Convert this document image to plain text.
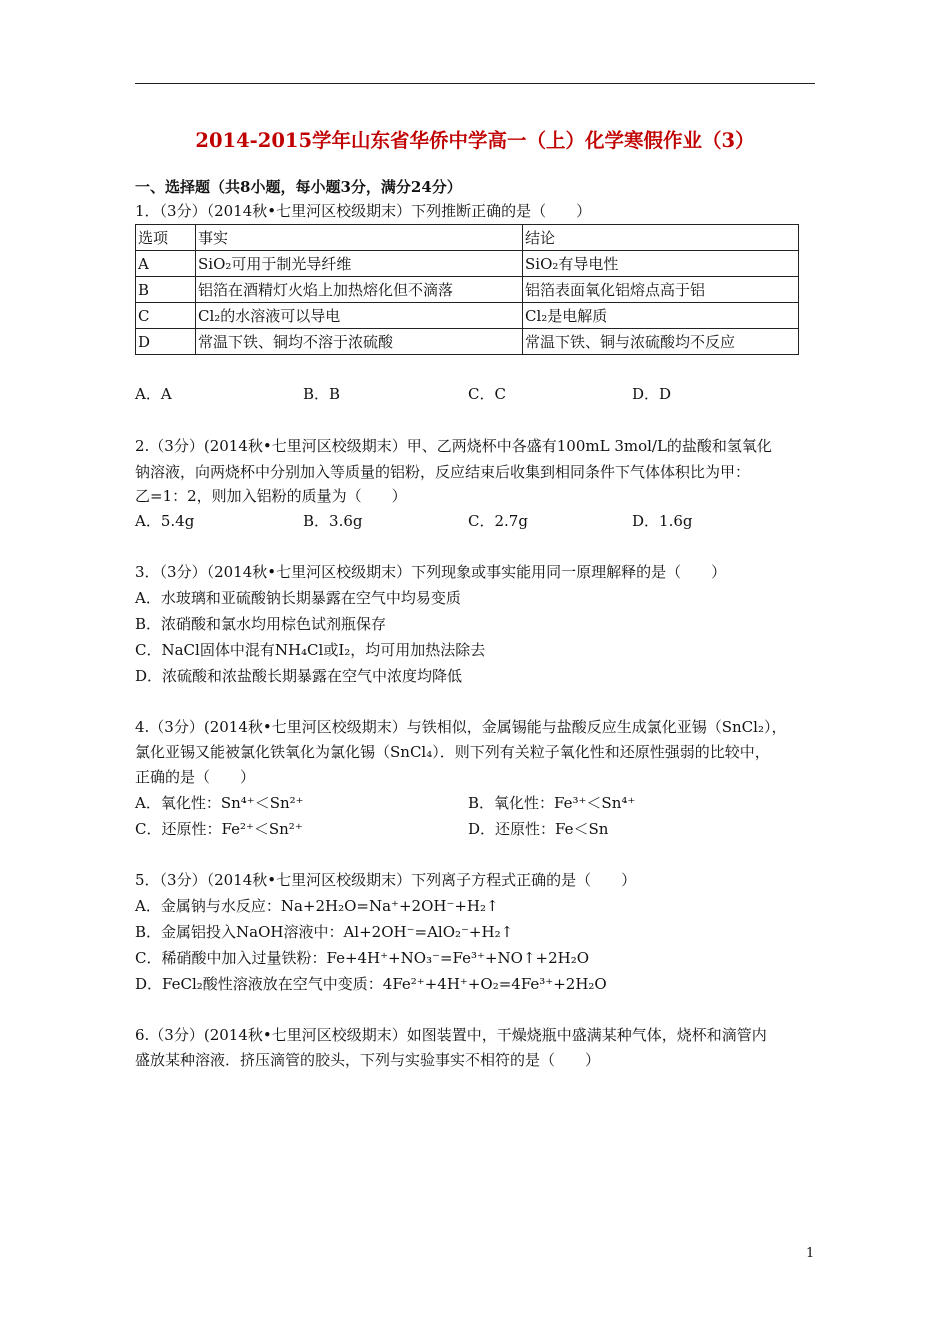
2014-2015学年山东省华侨中学高一（上）化学寒假作业（3）
一、选择题（共8小题，每小题3分，满分24分）
1．（3分）（2014秋•七里河区校级期末）下列推断正确的是（　　）
选项	事实	结论
A	SiO₂可用于制光导纤维	SiO₂有导电性
B	铝箔在酒精灯火焰上加热熔化但不滴落	铝箔表面氧化铝熔点高于铝
C	Cl₂的水溶液可以导电	Cl₂是电解质
D	常温下铁、铜均不溶于浓硫酸	常温下铁、铜与浓硫酸均不反应
A．A	B．B	C．C	D．D
2.（3分）(2014秋•七里河区校级期末）甲、乙两烧杯中各盛有100mL 3mol/L的盐酸和氢氧化
钠溶液，向两烧杯中分别加入等质量的铝粉，反应结束后收集到相同条件下气体体积比为甲：
乙=1：2，则加入铝粉的质量为（　　）
A．5.4g	B．3.6g	C．2.7g	D．1.6g
3．（3分）（2014秋•七里河区校级期末）下列现象或事实能用同一原理解释的是（　　）
A．水玻璃和亚硫酸钠长期暴露在空气中均易变质
B．浓硝酸和氯水均用棕色试剂瓶保存
C．NaCl固体中混有NH₄Cl或I₂，均可用加热法除去
D．浓硫酸和浓盐酸长期暴露在空气中浓度均降低
4.（3分）(2014秋•七里河区校级期末）与铁相似，金属锡能与盐酸反应生成氯化亚锡（SnCl₂），
氯化亚锡又能被氯化铁氧化为氯化锡（SnCl₄）．则下列有关粒子氧化性和还原性强弱的比较中，
正确的是（　　）
A．氧化性：Sn⁴⁺＜Sn²⁺	B．氧化性：Fe³⁺＜Sn⁴⁺
C．还原性：Fe²⁺＜Sn²⁺	D．还原性：Fe＜Sn
5．（3分）（2014秋•七里河区校级期末）下列离子方程式正确的是（　　）
A．金属钠与水反应：Na+2H₂O=Na⁺+2OH⁻+H₂↑
B．金属铝投入NaOH溶液中：Al+2OH⁻=AlO₂⁻+H₂↑
C．稀硝酸中加入过量铁粉：Fe+4H⁺+NO₃⁻=Fe³⁺+NO↑+2H₂O
D．FeCl₂酸性溶液放在空气中变质：4Fe²⁺+4H⁺+O₂=4Fe³⁺+2H₂O
6.（3分）(2014秋•七里河区校级期末）如图装置中，干燥烧瓶中盛满某种气体，烧杯和滴管内
盛放某种溶液．挤压滴管的胶头，下列与实验事实不相符的是（　　）
1
